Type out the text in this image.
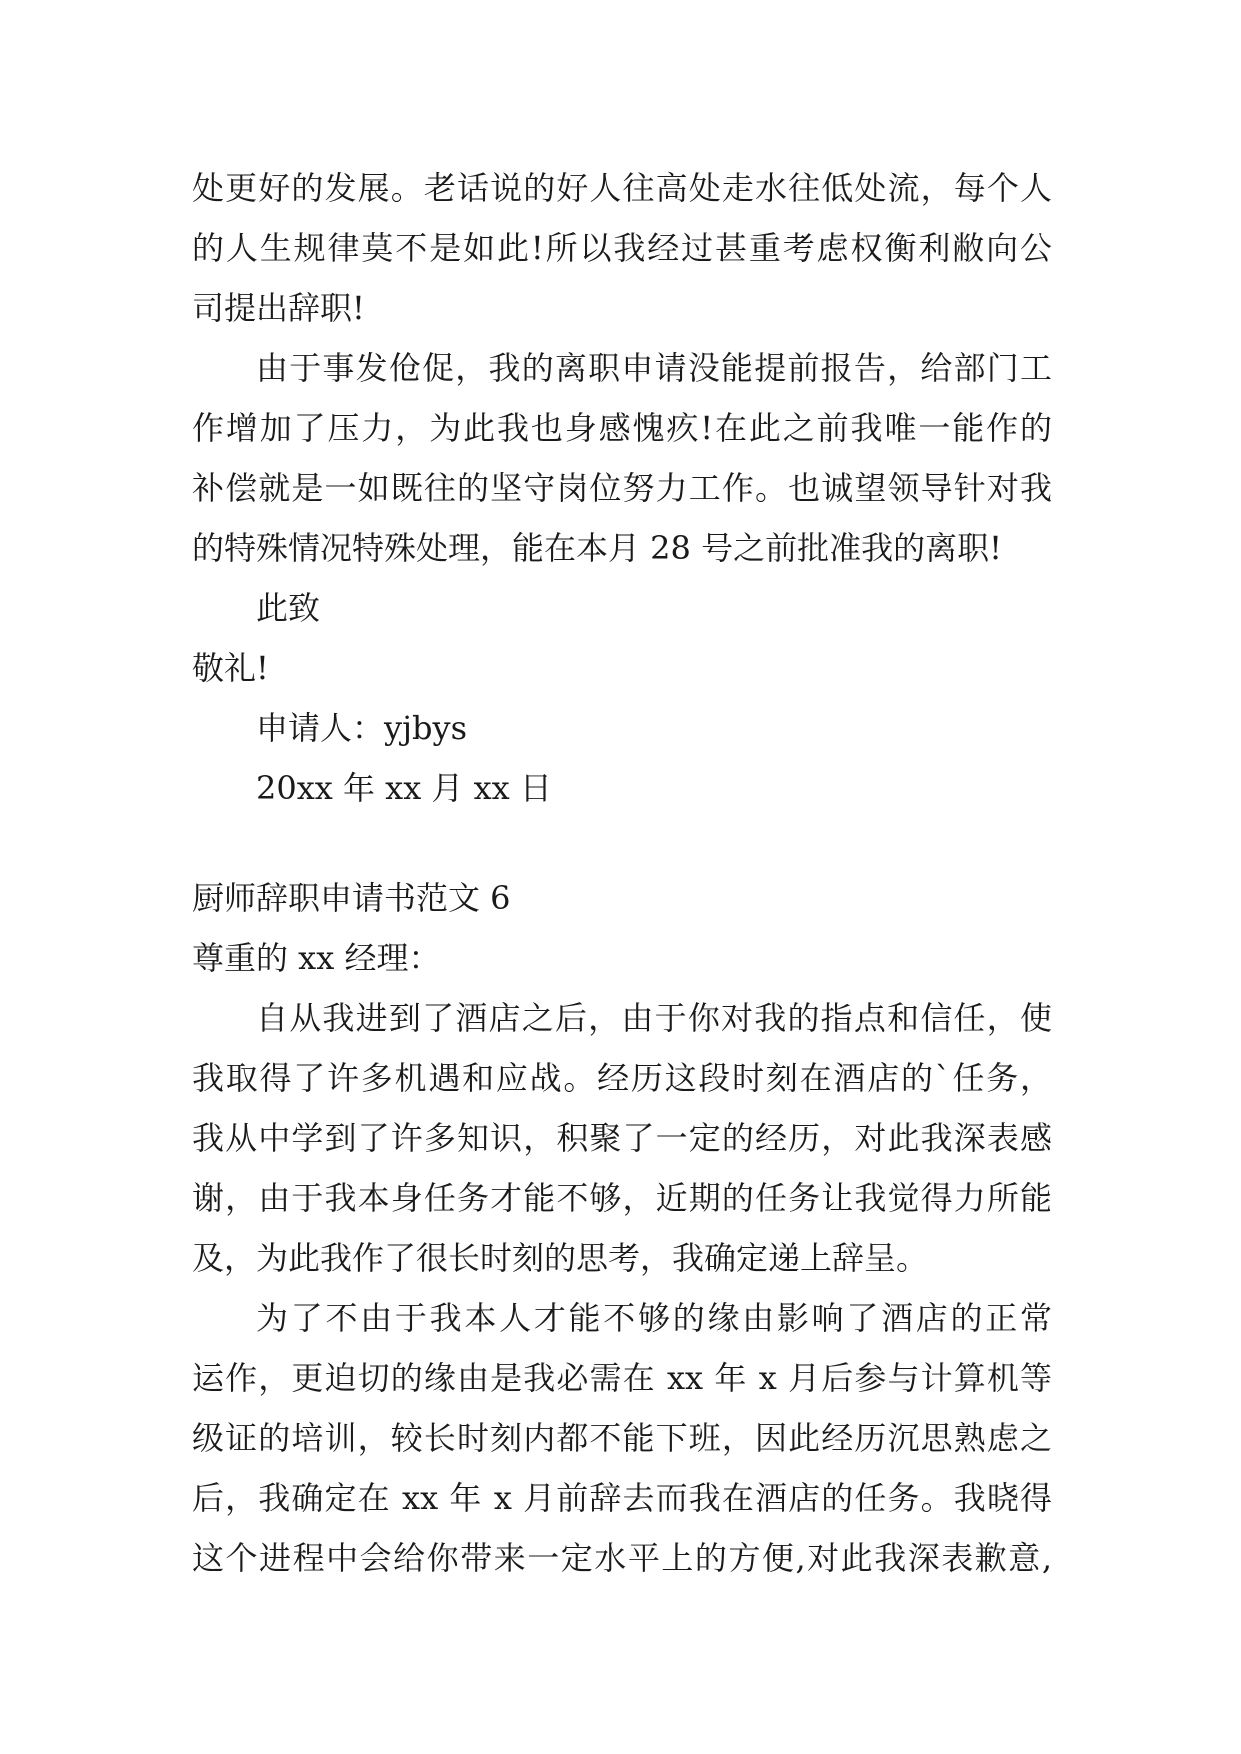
处更好的发展。老话说的好人往高处走水往低处流，每个人
的人生规律莫不是如此!所以我经过甚重考虑权衡利敝向公
司提出辞职!
由于事发伧促，我的离职申请没能提前报告，给部门工
作增加了压力，为此我也身感愧疚!在此之前我唯一能作的
补偿就是一如既往的坚守岗位努力工作。也诚望领导针对我
的特殊情况特殊处理，能在本月 28 号之前批准我的离职!
此致
敬礼!
申请人：yjbys
20xx 年 xx 月 xx 日
厨师辞职申请书范文 6
尊重的 xx 经理：
自从我进到了酒店之后，由于你对我的指点和信任，使
我取得了许多机遇和应战。经历这段时刻在酒店的`任务，
我从中学到了许多知识，积聚了一定的经历，对此我深表感
谢，由于我本身任务才能不够，近期的任务让我觉得力所能
及，为此我作了很长时刻的思考，我确定递上辞呈。
为了不由于我本人才能不够的缘由影响了酒店的正常
运作，更迫切的缘由是我必需在 xx 年 x 月后参与计算机等
级证的培训，较长时刻内都不能下班，因此经历沉思熟虑之
后，我确定在 xx 年 x 月前辞去而我在酒店的任务。我晓得
这个进程中会给你带来一定水平上的方便,对此我深表歉意,
